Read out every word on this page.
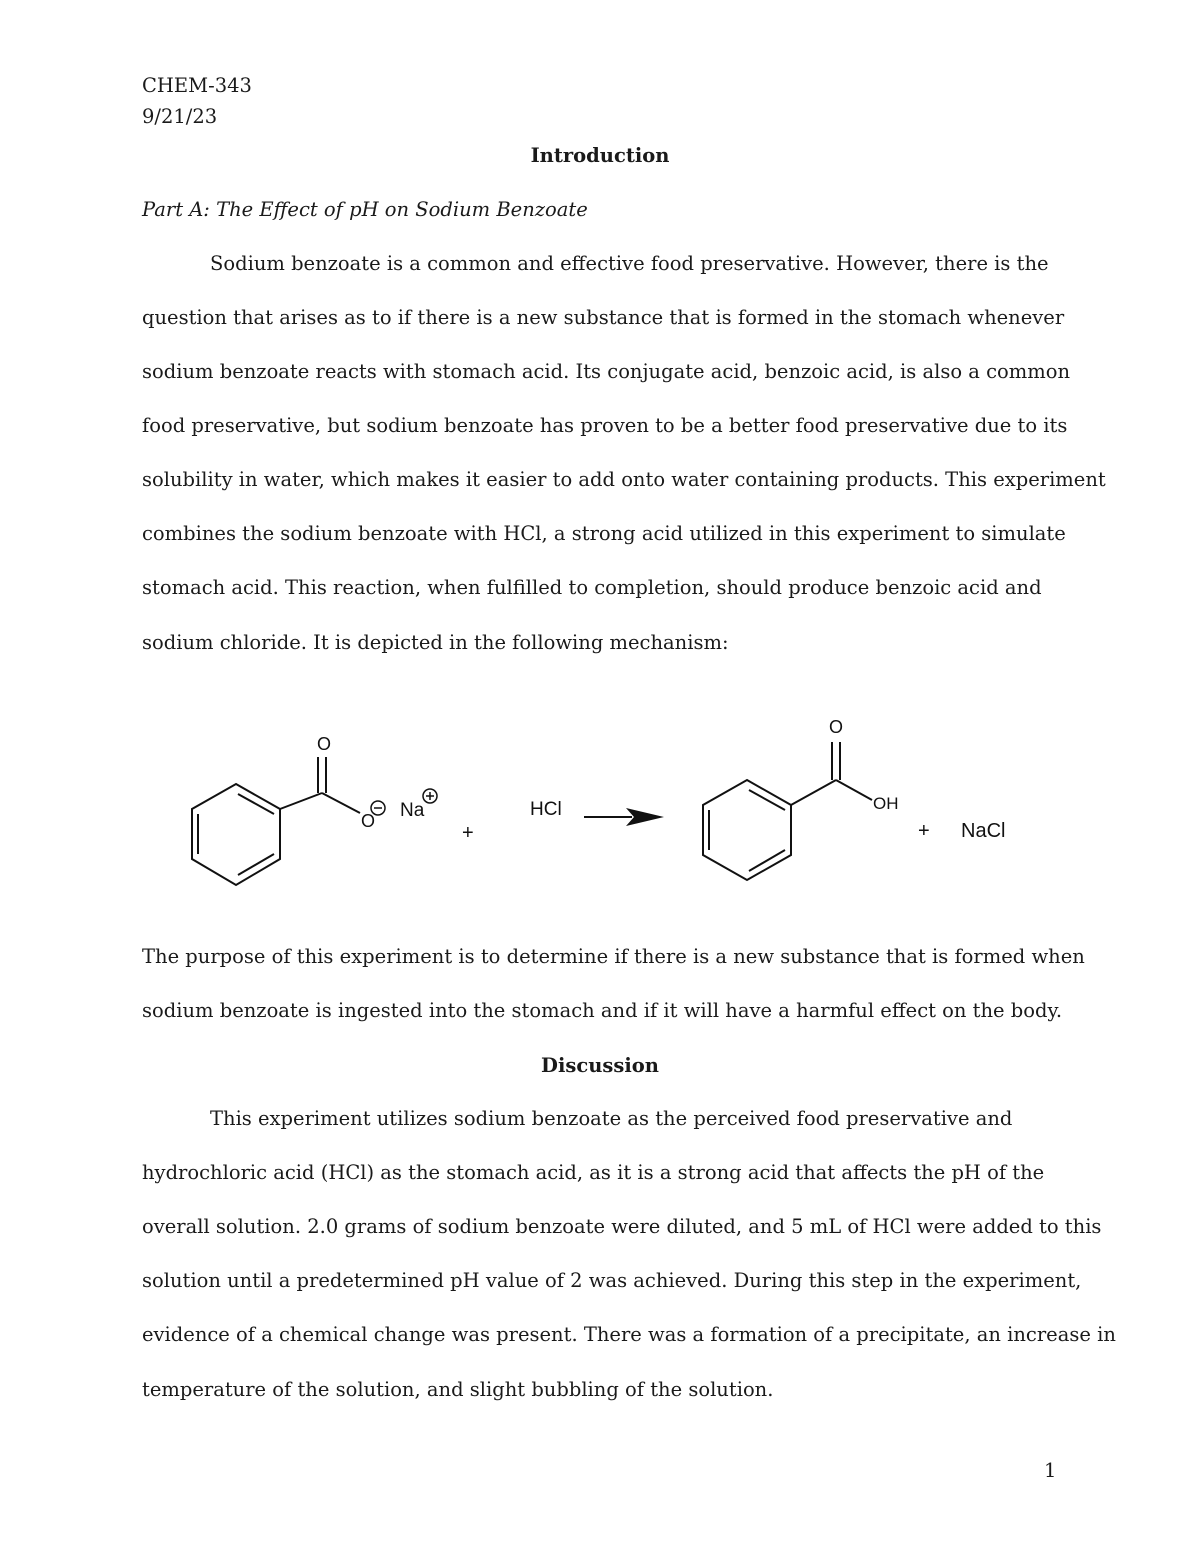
CHEM-343
9/21/23
Introduction
Part A: The Effect of pH on Sodium Benzoate
Sodium benzoate is a common and effective food preservative. However, there is the
question that arises as to if there is a new substance that is formed in the stomach whenever
sodium benzoate reacts with stomach acid. Its conjugate acid, benzoic acid, is also a common
food preservative, but sodium benzoate has proven to be a better food preservative due to its
solubility in water, which makes it easier to add onto water containing products. This experiment
combines the sodium benzoate with HCl, a strong acid utilized in this experiment to simulate
stomach acid. This reaction, when fulfilled to completion, should produce benzoic acid and
sodium chloride. It is depicted in the following mechanism:
O
O Na
+
HCl
O
OH
+ NaCl
The purpose of this experiment is to determine if there is a new substance that is formed when
sodium benzoate is ingested into the stomach and if it will have a harmful effect on the body.
Discussion
This experiment utilizes sodium benzoate as the perceived food preservative and
hydrochloric acid (HCl) as the stomach acid, as it is a strong acid that affects the pH of the
overall solution. 2.0 grams of sodium benzoate were diluted, and 5 mL of HCl were added to this
solution until a predetermined pH value of 2 was achieved. During this step in the experiment,
evidence of a chemical change was present. There was a formation of a precipitate, an increase in
temperature of the solution, and slight bubbling of the solution.
1
